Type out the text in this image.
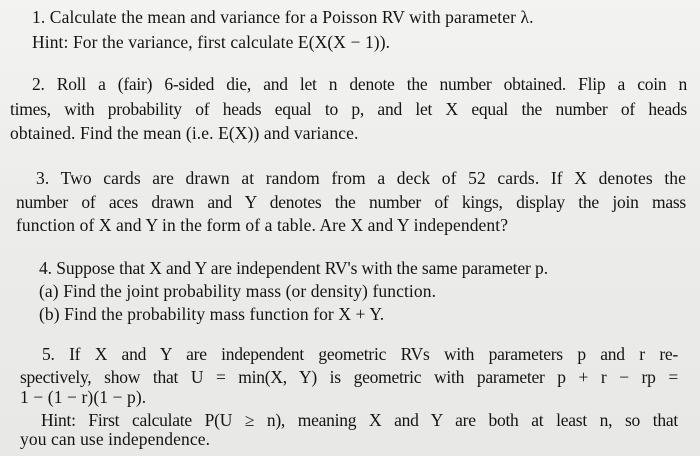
1. Calculate the mean and variance for a Poisson RV with parameter λ.
Hint: For the variance, first calculate E(X(X − 1)).
2. Roll a (fair) 6-sided die, and let n denote the number obtained. Flip a coin n
times, with probability of heads equal to p, and let X equal the number of heads
obtained. Find the mean (i.e. E(X)) and variance.
3. Two cards are drawn at random from a deck of 52 cards. If X denotes the
number of aces drawn and Y denotes the number of kings, display the join mass
function of X and Y in the form of a table. Are X and Y independent?
4. Suppose that X and Y are independent RV's with the same parameter p.
(a) Find the joint probability mass (or density) function.
(b) Find the probability mass function for X + Y.
5. If X and Y are independent geometric RVs with parameters p and r re-
spectively, show that U = min(X, Y) is geometric with parameter p + r − rp =
1 − (1 − r)(1 − p).
Hint: First calculate P(U ≥ n), meaning X and Y are both at least n, so that
you can use independence.
